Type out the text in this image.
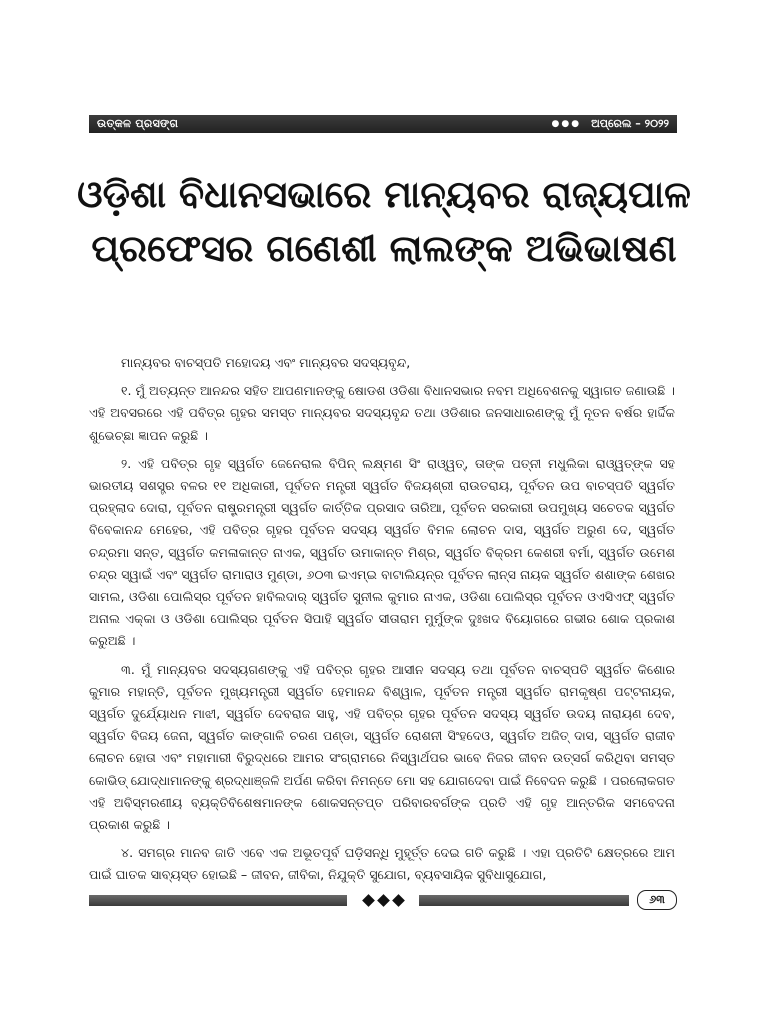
ଉତ୍କଳ ପ୍ରସଙ୍ଗ	●●● ଅପ୍ରେଲ – ୨୦୨୨
ଓଡ଼ିଶା ବିଧାନସଭାରେ ମାନ୍ୟବର ରାଜ୍ୟପାଳ
ପ୍ରଫେସର ଗଣେଶୀ ଲାଲଙ୍କ ଅଭିଭାଷଣ

ମାନ୍ୟବର ବାଚସ୍ପତି ମହୋଦୟ ଏବଂ ମାନ୍ୟବର ସଦସ୍ୟବୃନ୍ଦ,

୧. ମୁଁ ଅତ୍ୟନ୍ତ ଆନନ୍ଦର ସହିତ ଆପଣମାନଙ୍କୁ ଷୋଡଶ ଓଡିଶା ବିଧାନସଭାର ନବମ ଅଧିବେଶନକୁ ସ୍ୱାଗତ ଜଣାଉଛି । ଏହି ଅବସରରେ ଏହି ପବିତ୍ର ଗୃହର ସମସ୍ତ ମାନ୍ୟବର ସଦସ୍ୟବୃନ୍ଦ ତଥା ଓଡିଶାର ଜନସାଧାରଣଙ୍କୁ ମୁଁ ନୂତନ ବର୍ଷର ହାର୍ଦ୍ଦିକ ଶୁଭେଚ୍ଛା ଜ୍ଞାପନ କରୁଛି ।

୨. ଏହି ପବିତ୍ର ଗୃହ ସ୍ୱର୍ଗତ ଜେନେରାଲ ବିପିନ୍ ଲକ୍ଷ୍ମଣ ସିଂ ରାଓ୍ୱତ୍, ତାଙ୍କ ପତ୍ନୀ ମଧୁଲିକା ରାଓ୍ୱତ୍ଙ୍କ ସହ ଭାରତୀୟ ସଶସ୍ତ୍ର ବଳର ୧୧ ଅଧିକାରୀ, ପୂର୍ବତନ ମନ୍ତ୍ରୀ ସ୍ୱର୍ଗତ ବିଜୟଶ୍ରୀ ରାଉତରାୟ, ପୂର୍ବତନ ଉପ ବାଚସ୍ପତି ସ୍ୱର୍ଗତ ପ୍ରହ୍ଲାଦ ଦୋରା, ପୂର୍ବତନ ରାଷ୍ଟ୍ରମନ୍ତ୍ରୀ ସ୍ୱର୍ଗତ କାର୍ତ୍ତିକ ପ୍ରସାଦ ତାରିଆ, ପୂର୍ବତନ ସରକାରୀ ଉପମୁଖ୍ୟ ସଚେତକ ସ୍ୱର୍ଗତ ବିବେକାନନ୍ଦ ମେହେର, ଏହି ପବିତ୍ର ଗୃହର ପୂର୍ବତନ ସଦସ୍ୟ ସ୍ୱର୍ଗତ ବିମଳ ଲୋଚନ ଦାସ, ସ୍ୱର୍ଗତ ଅରୁଣ ଦେ, ସ୍ୱର୍ଗତ ଚନ୍ଦ୍ରମା ସନ୍ତ, ସ୍ୱର୍ଗତ କମଳାକାନ୍ତ ନାଏକ, ସ୍ୱର୍ଗତ ଉମାକାନ୍ତ ମିଶ୍ର, ସ୍ୱର୍ଗତ ବିକ୍ରମ କେଶରୀ ବର୍ମା, ସ୍ୱର୍ଗତ ଉମେଶ ଚନ୍ଦ୍ର ସ୍ୱାଇଁ ଏବଂ ସ୍ୱର୍ଗତ ରାମାରାଓ ମୁଣ୍ଡା, ୬୦୩ ଇଏମ୍ଇ ବାଟାଲିୟନ୍ର ପୂର୍ବତନ ଲାନ୍ସ ନାୟକ ସ୍ୱର୍ଗତ ଶଶାଙ୍କ ଶେଖର ସାମଲ, ଓଡିଶା ପୋଲିସ୍ର ପୂର୍ବତନ ହାବିଲଦାର୍ ସ୍ୱର୍ଗତ ସୁନୀଲ କୁମାର ନାଏକ, ଓଡିଶା ପୋଲିସ୍ର ପୂର୍ବତନ ଓଏସିଏଫ୍ ସ୍ୱର୍ଗତ ଅନାଲ ଏକ୍କା ଓ ଓଡିଶା ପୋଲିସ୍ର ପୂର୍ବତନ ସିପାହି ସ୍ୱର୍ଗତ ସୀତାରାମ ମୁର୍ମୁଙ୍କ ଦୁଃଖଦ ବିୟୋଗରେ ଗଭୀର ଶୋକ ପ୍ରକାଶ କରୁଅଛି ।

୩. ମୁଁ ମାନ୍ୟବର ସଦସ୍ୟଗଣଙ୍କୁ ଏହି ପବିତ୍ର ଗୃହର ଆସୀନ ସଦସ୍ୟ ତଥା ପୂର୍ବତନ ବାଚସ୍ପତି ସ୍ୱର୍ଗତ କିଶୋର କୁମାର ମହାନ୍ତି, ପୂର୍ବତନ ମୁଖ୍ୟମନ୍ତ୍ରୀ ସ୍ୱର୍ଗତ ହେମାନନ୍ଦ ବିଶ୍ୱାଳ, ପୂର୍ବତନ ମନ୍ତ୍ରୀ ସ୍ୱର୍ଗତ ରାମକୃଷ୍ଣ ପଟ୍ଟନାୟକ, ସ୍ୱର୍ଗତ ଦୁର୍ଯ୍ୟୋଧନ ମାଝୀ, ସ୍ୱର୍ଗତ ଦେବରାଜ ସାହୁ, ଏହି ପବିତ୍ର ଗୃହର ପୂର୍ବତନ ସଦସ୍ୟ ସ୍ୱର୍ଗତ ଉଦୟ ନାରାୟଣ ଦେବ, ସ୍ୱର୍ଗତ ବିଜୟ ଜେନା, ସ୍ୱର୍ଗତ କାଙ୍ଗାଳି ଚରଣ ପଣ୍ଡା, ସ୍ୱର୍ଗତ ରୋଶନୀ ସିଂହଦେଓ, ସ୍ୱର୍ଗତ ଅଜିତ୍ ଦାସ, ସ୍ୱର୍ଗତ ରାଜୀବ ଲୋଚନ ହୋତା ଏବଂ ମହାମାରୀ ବିରୁଦ୍ଧରେ ଆମର ସଂଗ୍ରାମରେ ନିସ୍ୱାର୍ଥପର ଭାବେ ନିଜର ଜୀବନ ଉତ୍ସର୍ଗ କରିଥିବା ସମସ୍ତ କୋଭିଡ୍ ଯୋଦ୍ଧାମାନଙ୍କୁ ଶ୍ରଦ୍ଧାଞ୍ଜଳି ଅର୍ପଣ କରିବା ନିମନ୍ତେ ମୋ ସହ ଯୋଗଦେବା ପାଇଁ ନିବେଦନ କରୁଛି । ପରଲୋକଗତ ଏହି ଅବିସ୍ମରଣୀୟ ବ୍ୟକ୍ତିବିଶେଷମାନଙ୍କ ଶୋକସନ୍ତପ୍ତ ପରିବାରବର୍ଗଙ୍କ ପ୍ରତି ଏହି ଗୃହ ଆନ୍ତରିକ ସମବେଦନା ପ୍ରକାଶ କରୁଛି ।

୪. ସମଗ୍ର ମାନବ ଜାତି ଏବେ ଏକ ଅଭୂତପୂର୍ବ ଘଡ଼ିସନ୍ଧି ମୁହୂର୍ତ୍ତ ଦେଇ ଗତି କରୁଛି । ଏହା ପ୍ରତିଟି କ୍ଷେତ୍ରରେ ଆମ ପାଇଁ ଘାତକ ସାବ୍ୟସ୍ତ ହୋଇଛି – ଜୀବନ, ଜୀବିକା, ନିଯୁକ୍ତି ସୁଯୋଗ, ବ୍ୟବସାୟିକ ସୁବିଧାସୁଯୋଗ,

୬୩
